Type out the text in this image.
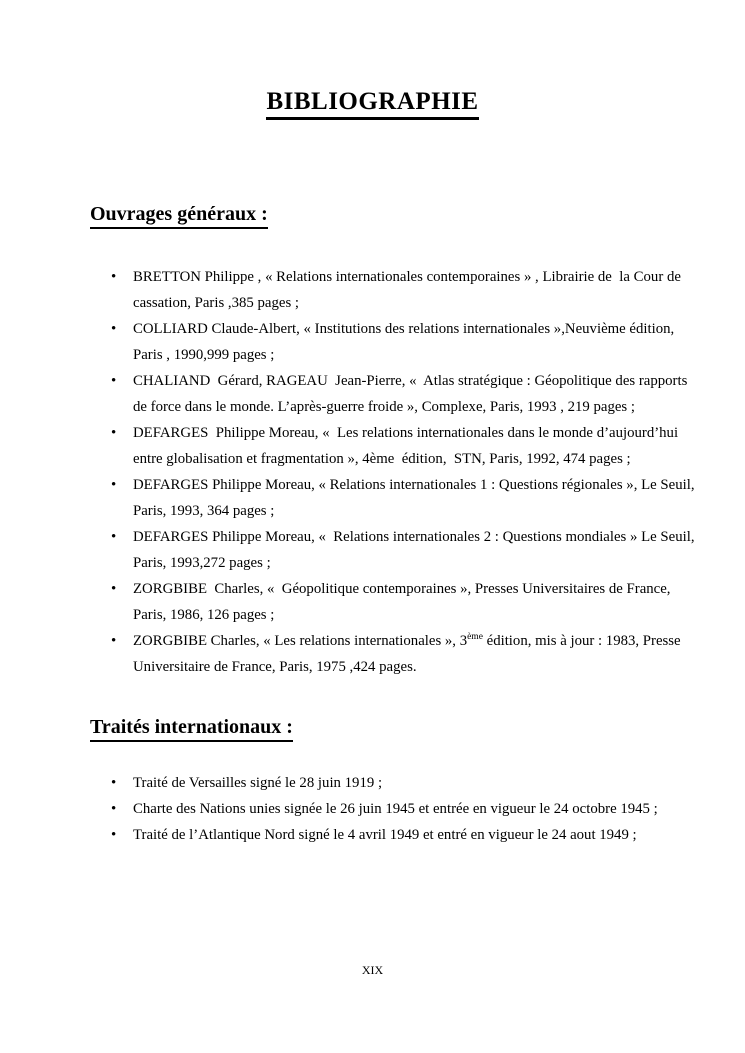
BIBLIOGRAPHIE
Ouvrages généraux :
• BRETTON Philippe , « Relations internationales contemporaines » , Librairie de  la Cour de cassation, Paris ,385 pages ;
• COLLIARD Claude-Albert, « Institutions des relations internationales »,Neuvième édition, Paris , 1990,999 pages ;
• CHALIAND  Gérard, RAGEAU  Jean-Pierre, «  Atlas stratégique : Géopolitique des rapports de force dans le monde. L’après-guerre froide », Complexe, Paris, 1993 , 219 pages ;
• DEFARGES  Philippe Moreau, «  Les relations internationales dans le monde d’aujourd’hui entre globalisation et fragmentation », 4ème  édition,  STN, Paris, 1992, 474 pages ;
• DEFARGES Philippe Moreau, « Relations internationales 1 : Questions régionales », Le Seuil, Paris, 1993, 364 pages ;
• DEFARGES Philippe Moreau, «  Relations internationales 2 : Questions mondiales » Le Seuil, Paris, 1993,272 pages ;
• ZORGBIBE  Charles, «  Géopolitique contemporaines », Presses Universitaires de France, Paris, 1986, 126 pages ;
• ZORGBIBE Charles, « Les relations internationales », 3ème édition, mis à jour : 1983, Presse Universitaire de France, Paris, 1975 ,424 pages.
Traités internationaux :
• Traité de Versailles signé le 28 juin 1919 ;
• Charte des Nations unies signée le 26 juin 1945 et entrée en vigueur le 24 octobre 1945 ;
• Traité de l’Atlantique Nord signé le 4 avril 1949 et entré en vigueur le 24 aout 1949 ;
XIX
